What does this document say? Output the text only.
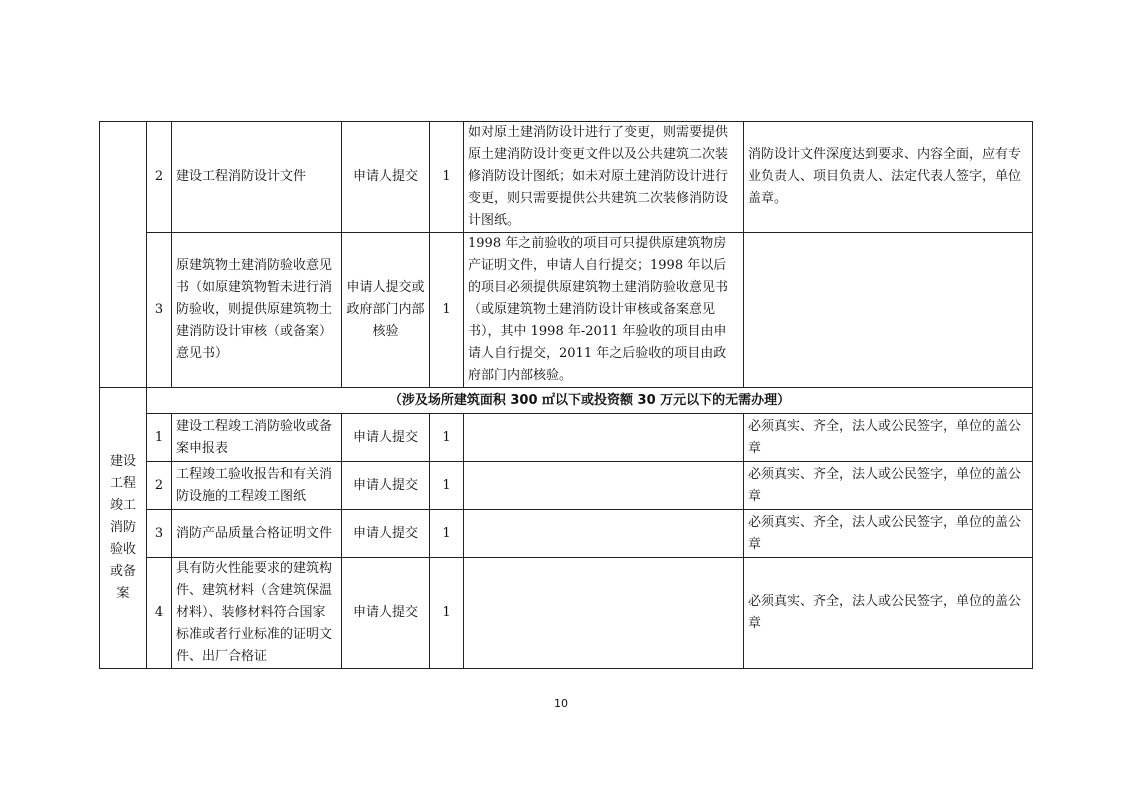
	2	建设工程消防设计文件	申请人提交	1	如对原土建消防设计进行了变更，则需要提供原土建消防设计变更文件以及公共建筑二次装修消防设计图纸；如未对原土建消防设计进行变更，则只需要提供公共建筑二次装修消防设计图纸。	消防设计文件深度达到要求、内容全面，应有专业负责人、项目负责人、法定代表人签字，单位盖章。
	3	原建筑物土建消防验收意见书（如原建筑物暂未进行消防验收，则提供原建筑物土建消防设计审核（或备案）意见书）	申请人提交或政府部门内部核验	1	1998 年之前验收的项目可只提供原建筑物房产证明文件，申请人自行提交；1998 年以后的项目必须提供原建筑物土建消防验收意见书（或原建筑物土建消防设计审核或备案意见书），其中 1998 年-2011 年验收的项目由申请人自行提交，2011 年之后验收的项目由政府部门内部核验。	
建设工程竣工消防验收或备案	（涉及场所建筑面积 300 ㎡以下或投资额 30 万元以下的无需办理）					
	1	建设工程竣工消防验收或备案申报表	申请人提交	1		必须真实、齐全，法人或公民签字，单位的盖公章
	2	工程竣工验收报告和有关消防设施的工程竣工图纸	申请人提交	1		必须真实、齐全，法人或公民签字，单位的盖公章
	3	消防产品质量合格证明文件	申请人提交	1		必须真实、齐全，法人或公民签字，单位的盖公章
	4	具有防火性能要求的建筑构件、建筑材料（含建筑保温材料）、装修材料符合国家标准或者行业标准的证明文件、出厂合格证	申请人提交	1		必须真实、齐全，法人或公民签字，单位的盖公章
10
